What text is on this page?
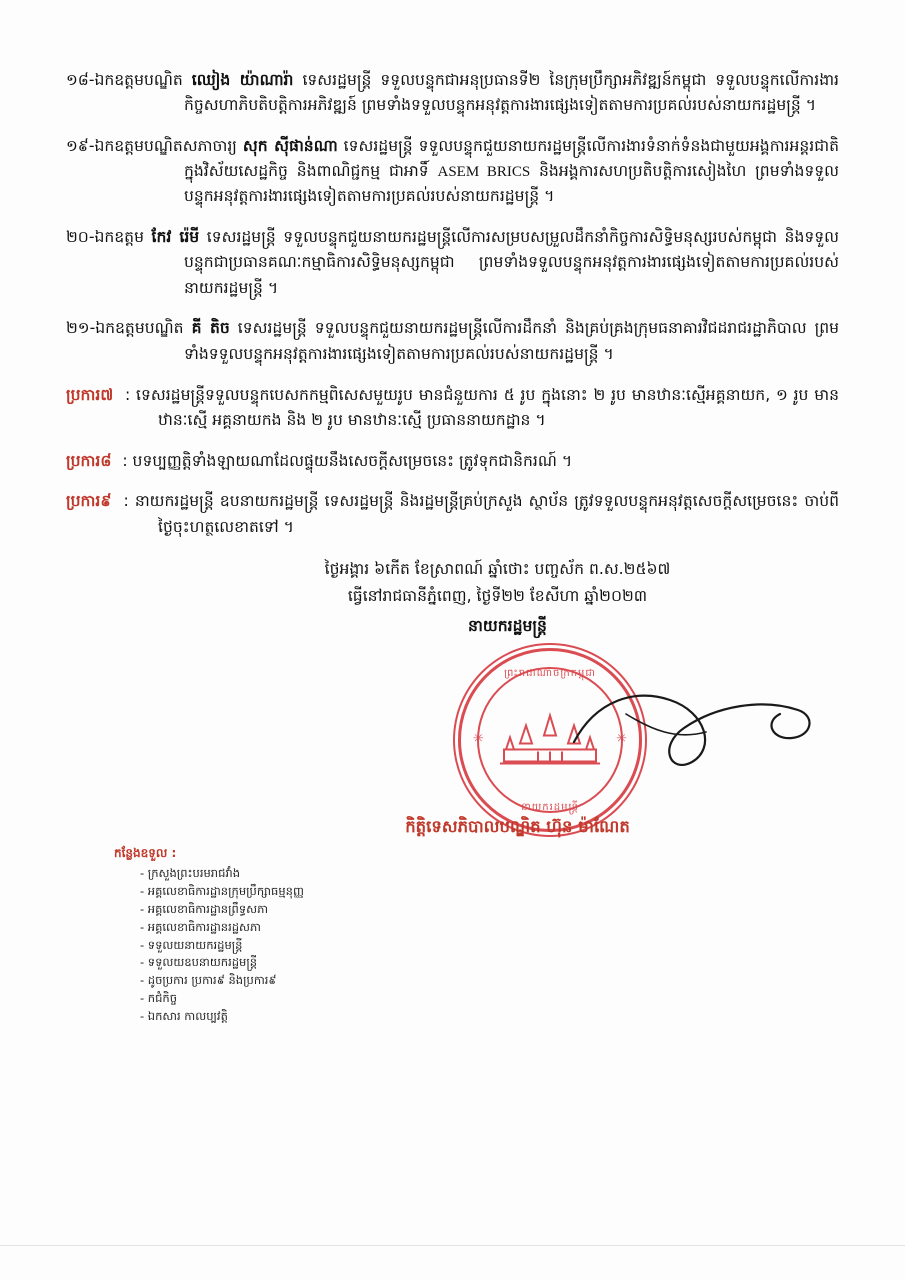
១៨-ឯកឧត្តមបណ្ឌិត ឈៀង យ៉ាណារ៉ា ទេសរដ្ឋមន្ត្រី ទទួលបន្ទុកជាអនុប្រធានទី២ នៃក្រុមប្រឹក្សាអភិវឌ្ឍន៍កម្ពុជា ទទួលបន្ទុកលើការងារកិច្ចសហាភិបតិបត្តិការអភិវឌ្ឍន៍ ព្រមទាំងទទួលបន្ទុកអនុវត្តការងារផ្សេងទៀតតាមការប្រគល់របស់នាយករដ្ឋមន្ត្រី ។

១៩-ឯកឧត្តមបណ្ឌិតសភាចារ្យ សុក ស៊ីផាន់ណា ទេសរដ្ឋមន្ត្រី ទទួលបន្ទុកជួយនាយករដ្ឋមន្ត្រីលើការងារទំនាក់ទំនងជាមួយអង្គការអន្តរជាតិ ក្នុងវិស័យសេដ្ឋកិច្ច និងពាណិជ្ជកម្ម ជាអាទិ៍ ASEM BRICS និងអង្គការសហប្រតិបត្តិការសៀងហៃ ព្រមទាំងទទួលបន្ទុកអនុវត្តការងារផ្សេងទៀតតាមការប្រគល់របស់នាយករដ្ឋមន្ត្រី ។

២០-ឯកឧត្តម កែវ រ៉េមី ទេសរដ្ឋមន្ត្រី ទទួលបន្ទុកជួយនាយករដ្ឋមន្ត្រីលើការសម្របសម្រួលដឹកនាំកិច្ចការសិទ្ធិមនុស្សរបស់កម្ពុជា និងទទួលបន្ទុកជាប្រធានគណៈកម្មាធិការសិទ្ធិមនុស្សកម្ពុជា ព្រមទាំងទទួលបន្ទុកអនុវត្តការងារផ្សេងទៀតតាមការប្រគល់របស់នាយករដ្ឋមន្ត្រី ។

២១-ឯកឧត្តមបណ្ឌិត គី តិច ទេសរដ្ឋមន្ត្រី ទទួលបន្ទុកជួយនាយករដ្ឋមន្ត្រីលើការដឹកនាំ និងគ្រប់គ្រងក្រុមធនាគារវិជដរាជរដ្ឋាភិបាល ព្រមទាំងទទួលបន្ទុកអនុវត្តការងារផ្សេងទៀតតាមការប្រគល់របស់នាយករដ្ឋមន្ត្រី ។

ប្រការ៧ : ទេសរដ្ឋមន្ត្រីទទួលបន្ទុកបេសកកម្មពិសេសមួយរូប មានជំនួយការ ៥ រូប ក្នុងនោះ ២ រូប មានឋានៈស្មើអគ្គនាយក, ១ រូប មានឋានៈស្មើ អគ្គនាយកង និង ២ រូប មានឋានៈស្មើ ប្រធាននាយកដ្ឋាន ។

ប្រការ៨ : បទប្បញ្ញត្តិទាំងឡាយណាដែលផ្ទុយនឹងសេចក្តីសម្រេចនេះ ត្រូវទុកជានិករណ៍ ។

ប្រការ៩ : នាយករដ្ឋមន្ត្រី ឧបនាយករដ្ឋមន្ត្រី ទេសរដ្ឋមន្ត្រី និងរដ្ឋមន្ត្រីគ្រប់ក្រសួង ស្ថាប័ន ត្រូវទទួលបន្ទុកអនុវត្តសេចក្តីសម្រេចនេះ ចាប់ពីថ្ងៃចុះហត្ថលេខាតទៅ ។

ថ្ងៃអង្គារ ៦កើត ខែស្រាពណ៍ ឆ្នាំថោះ បញ្ចស័ក ព.ស.២៥៦៧
ធ្វើនៅរាជធានីភ្នំពេញ, ថ្ងៃទី២២ ខែសីហា ឆ្នាំ២០២៣
នាយករដ្ឋមន្ត្រី
ព្រះរាជាណាចក្រកម្ពុជា
នាយករដ្ឋមន្ត្រី
✳	✳
កិត្តិទេសភិបាលបណ្ឌិត ហ៊ុន ម៉ាណែត
កន្លែងឧទួល :
- ក្រសួងព្រះបរមរាជវាំង
- អគ្គលេខាធិការដ្ឋានក្រុមប្រឹក្សាធម្មនុញ្ញ
- អគ្គលេខាធិការដ្ឋានព្រឹទ្ធសភា
- អគ្គលេខាធិការដ្ឋានរដ្ឋសភា
- ទទួលយនាយករដ្ឋមន្ត្រី
- ទទួលយឧបនាយករដ្ឋមន្ត្រី
- ដូចប្រការ ប្រការ៩ និងប្រការ៩
- កជំកិច្ច
- ឯកសារ កាលប្បវត្តិ
